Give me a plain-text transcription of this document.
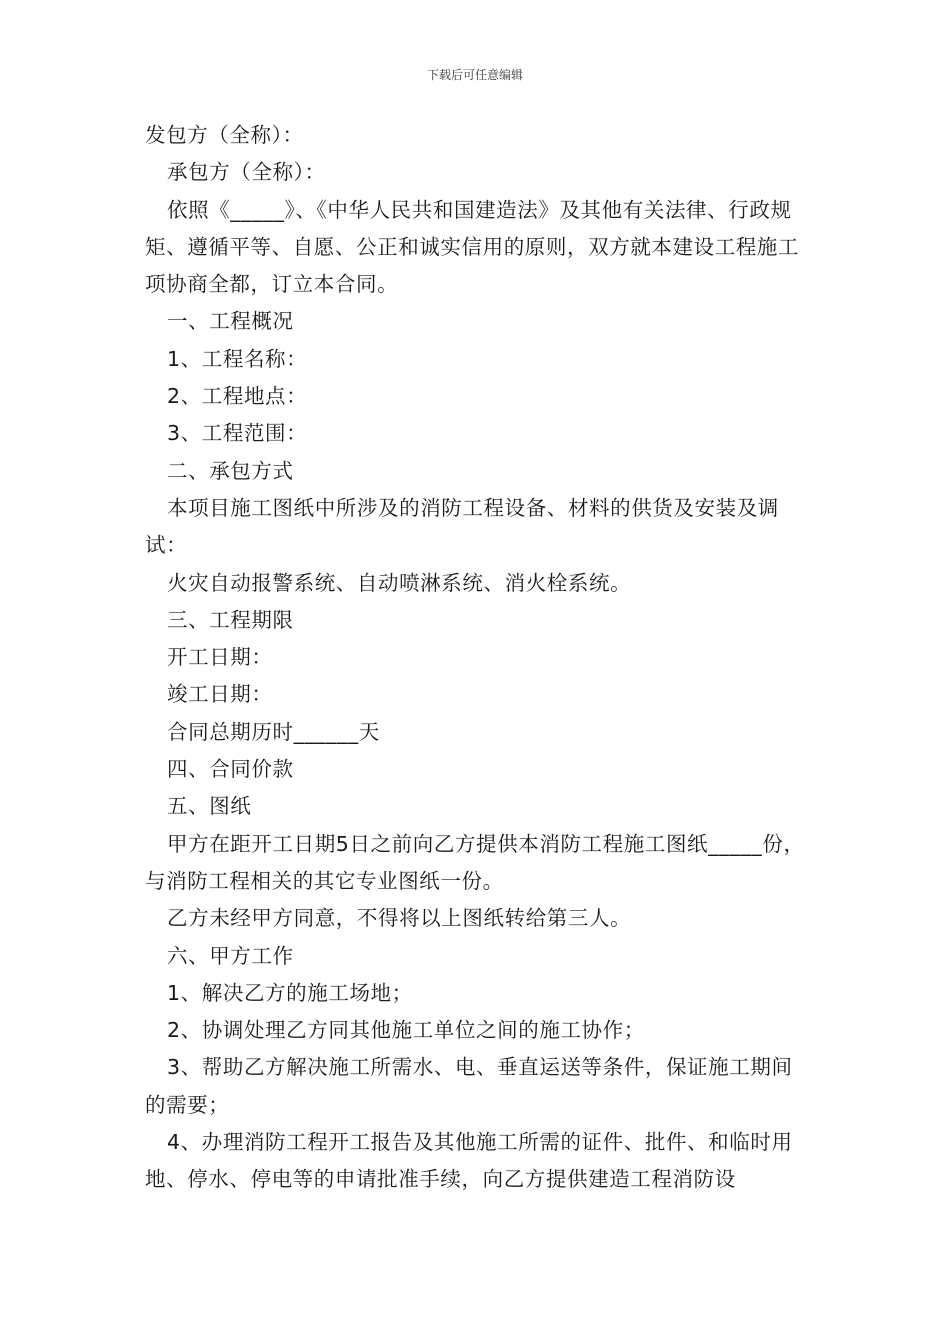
下载后可任意编辑

发包方（全称）：

承包方（全称）：

依照《_____》、《中华人民共和国建造法》及其他有关法律、行政规矩、遵循平等、自愿、公正和诚实信用的原则，双方就本建设工程施工项协商全都，订立本合同。

一、工程概况

1、工程名称：

2、工程地点：

3、工程范围：

二、承包方式

本项目施工图纸中所涉及的消防工程设备、材料的供货及安装及调试：

火灾自动报警系统、自动喷淋系统、消火栓系统。

三、工程期限

开工日期：

竣工日期：

合同总期历时______天

四、合同价款

五、图纸

甲方在距开工日期5日之前向乙方提供本消防工程施工图纸_____份，与消防工程相关的其它专业图纸一份。

乙方未经甲方同意，不得将以上图纸转给第三人。

六、甲方工作

1、解决乙方的施工场地；

2、协调处理乙方同其他施工单位之间的施工协作；

3、帮助乙方解决施工所需水、电、垂直运送等条件，保证施工期间的需要；

4、办理消防工程开工报告及其他施工所需的证件、批件、和临时用地、停水、停电等的申请批准手续，向乙方提供建造工程消防设
